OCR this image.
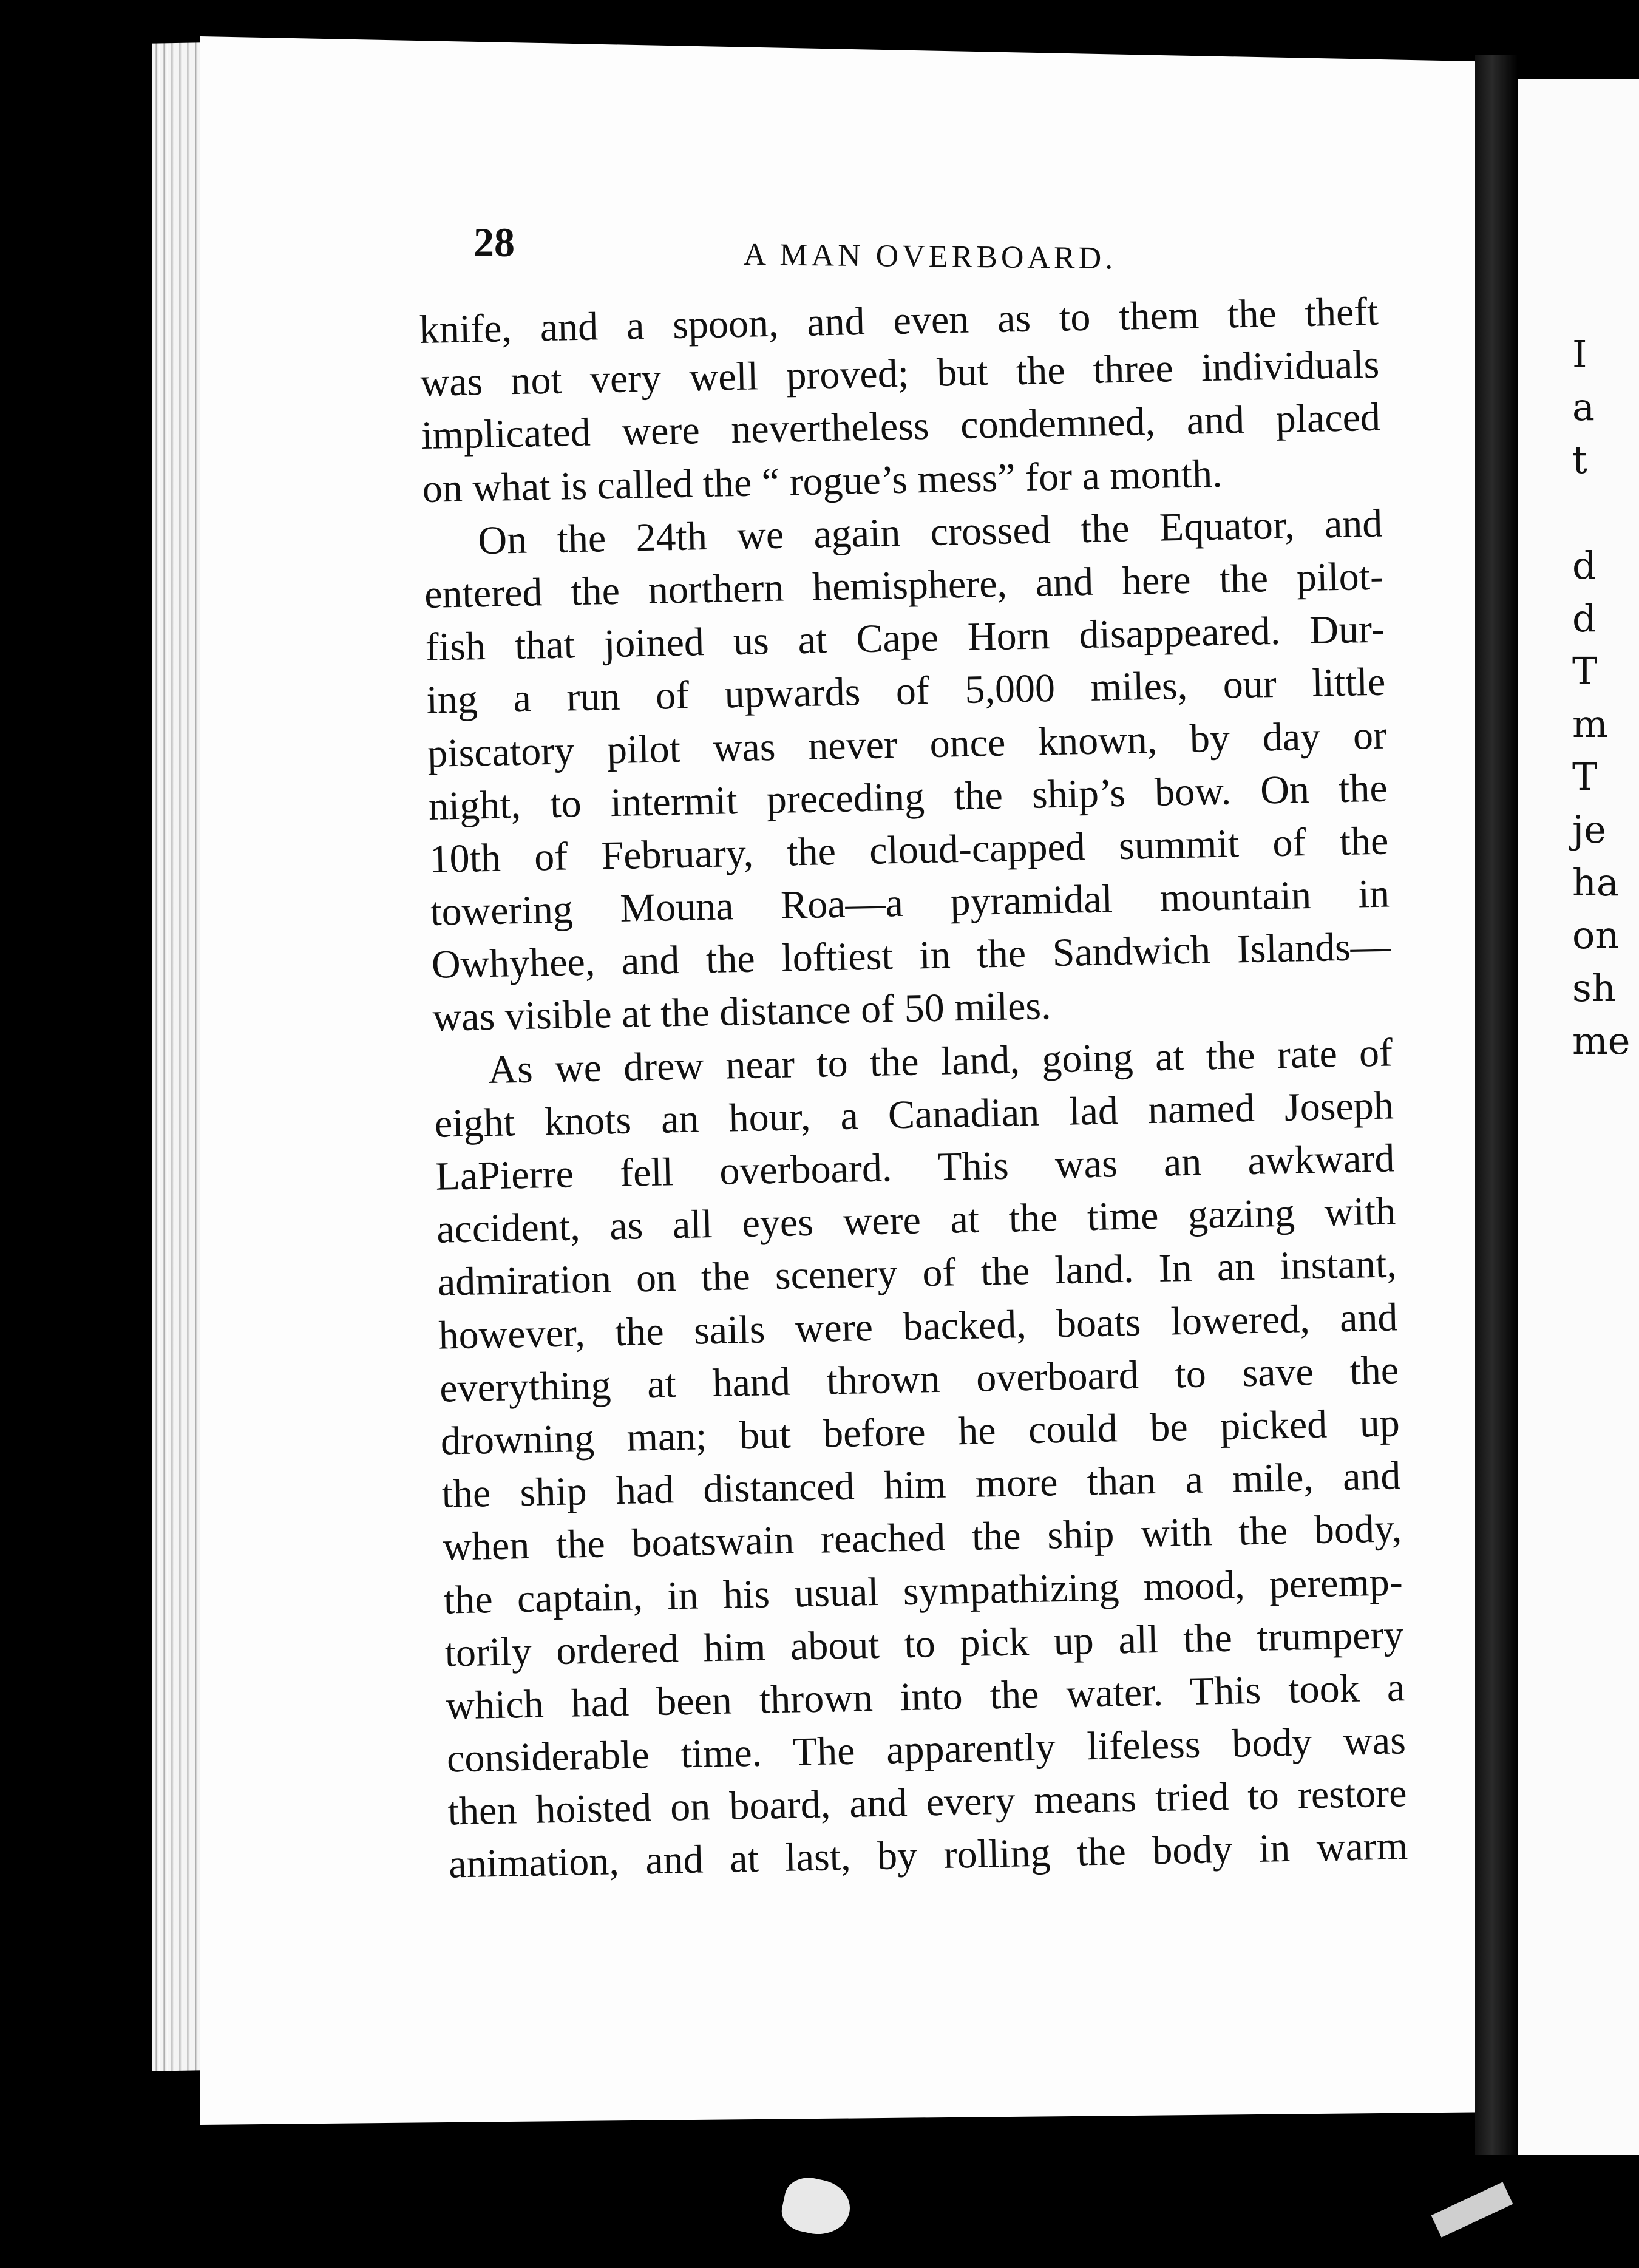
I
a
t

d
d
T
m
T
je
ha
on
sh
me
28	A MAN OVERBOARD.
knife, and a spoon, and even as to them the theft
was not very well proved; but the three individuals
implicated were nevertheless condemned, and placed
on what is called the “ rogue’s mess” for a month.
On the 24th we again crossed the Equator, and
entered the northern hemisphere, and here the pilot-
fish that joined us at Cape Horn disappeared. Dur-
ing a run of upwards of 5,000 miles, our little
piscatory pilot was never once known, by day or
night, to intermit preceding the ship’s bow. On the
10th of February, the cloud-capped summit of the
towering Mouna Roa—a pyramidal mountain in
Owhyhee, and the loftiest in the Sandwich Islands—
was visible at the distance of 50 miles.
As we drew near to the land, going at the rate of
eight knots an hour, a Canadian lad named Joseph
LaPierre fell overboard. This was an awkward
accident, as all eyes were at the time gazing with
admiration on the scenery of the land. In an instant,
however, the sails were backed, boats lowered, and
everything at hand thrown overboard to save the
drowning man; but before he could be picked up
the ship had distanced him more than a mile, and
when the boatswain reached the ship with the body,
the captain, in his usual sympathizing mood, peremp-
torily ordered him about to pick up all the trumpery
which had been thrown into the water. This took a
considerable time. The apparently lifeless body was
then hoisted on board, and every means tried to restore
animation, and at last, by rolling the body in warm
